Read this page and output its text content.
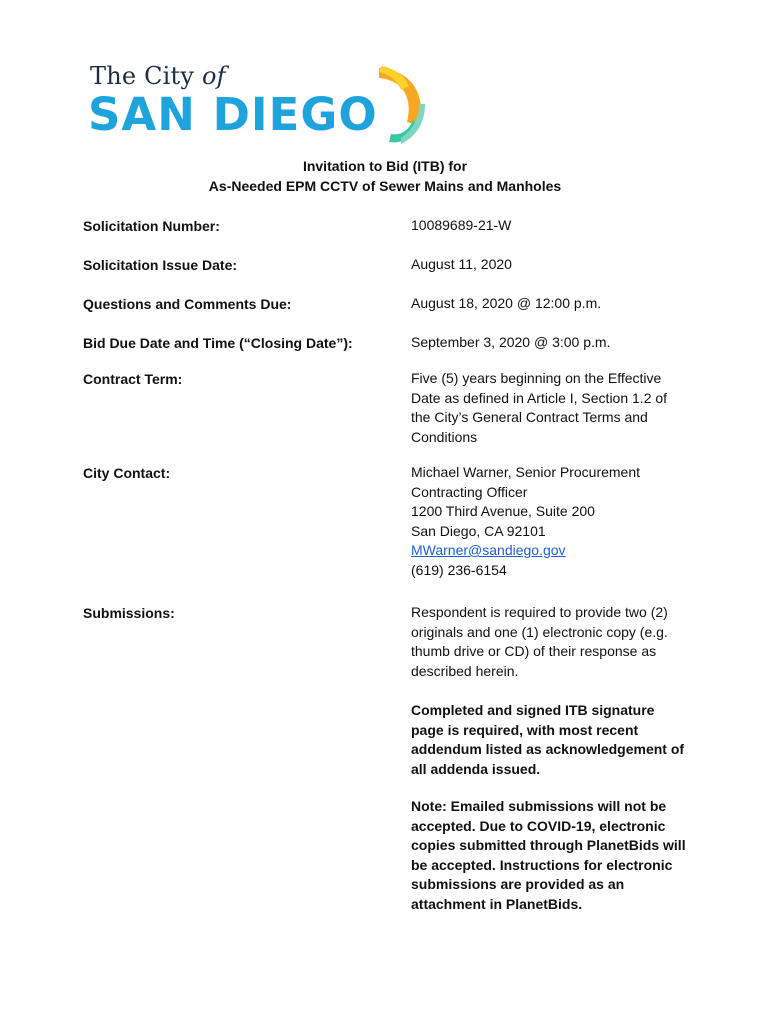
The City of
SAN DIEGO
Invitation to Bid (ITB) for
As-Needed EPM CCTV of Sewer Mains and Manholes
Solicitation Number:	10089689-21-W
Solicitation Issue Date:	August 11, 2020
Questions and Comments Due:	August 18, 2020 @ 12:00 p.m.
Bid Due Date and Time (“Closing Date”):	September 3, 2020 @ 3:00 p.m.
Contract Term:	Five (5) years beginning on the Effective Date as defined in Article I, Section 1.2 of the City’s General Contract Terms and Conditions
City Contact:	Michael Warner, Senior Procurement
Contracting Officer
1200 Third Avenue, Suite 200
San Diego, CA 92101
MWarner@sandiego.gov
(619) 236-6154
Submissions:	Respondent is required to provide two (2) originals and one (1) electronic copy (e.g. thumb drive or CD) of their response as described herein.
Completed and signed ITB signature page is required, with most recent addendum listed as acknowledgement of all addenda issued.
Note: Emailed submissions will not be accepted. Due to COVID-19, electronic copies submitted through PlanetBids will be accepted. Instructions for electronic submissions are provided as an attachment in PlanetBids.
